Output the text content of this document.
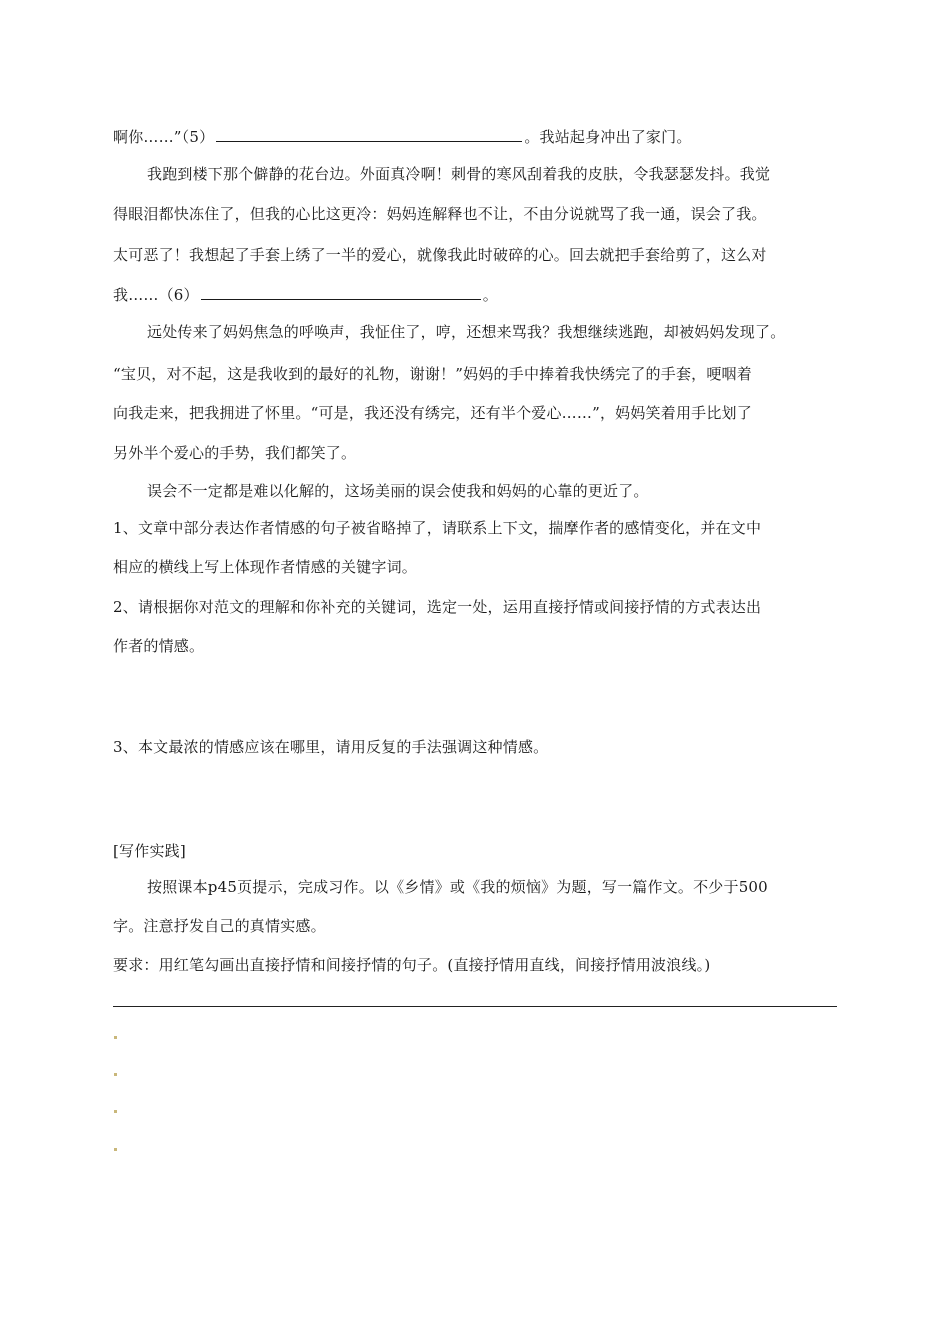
啊你……”（5）	。我站起身冲出了家门。
我跑到楼下那个僻静的花台边。外面真冷啊！刺骨的寒风刮着我的皮肤，令我瑟瑟发抖。我觉
得眼泪都快冻住了，但我的心比这更冷：妈妈连解释也不让，不由分说就骂了我一通，误会了我。
太可恶了！我想起了手套上绣了一半的爱心，就像我此时破碎的心。回去就把手套给剪了，这么对
我……（6）	。
远处传来了妈妈焦急的呼唤声，我怔住了，哼，还想来骂我？我想继续逃跑，却被妈妈发现了。
“宝贝，对不起，这是我收到的最好的礼物，谢谢！”妈妈的手中捧着我快绣完了的手套，哽咽着
向我走来，把我拥进了怀里。“可是，我还没有绣完，还有半个爱心……”，妈妈笑着用手比划了
另外半个爱心的手势，我们都笑了。
误会不一定都是难以化解的，这场美丽的误会使我和妈妈的心靠的更近了。
1、文章中部分表达作者情感的句子被省略掉了，请联系上下文，揣摩作者的感情变化，并在文中
相应的横线上写上体现作者情感的关键字词。
2、请根据你对范文的理解和你补充的关键词，选定一处，运用直接抒情或间接抒情的方式表达出
作者的情感。
3、本文最浓的情感应该在哪里，请用反复的手法强调这种情感。
[写作实践]
按照课本p45页提示，完成习作。以《乡情》或《我的烦恼》为题，写一篇作文。不少于500
字。注意抒发自己的真情实感。
要求：用红笔勾画出直接抒情和间接抒情的句子。(直接抒情用直线，间接抒情用波浪线。)
